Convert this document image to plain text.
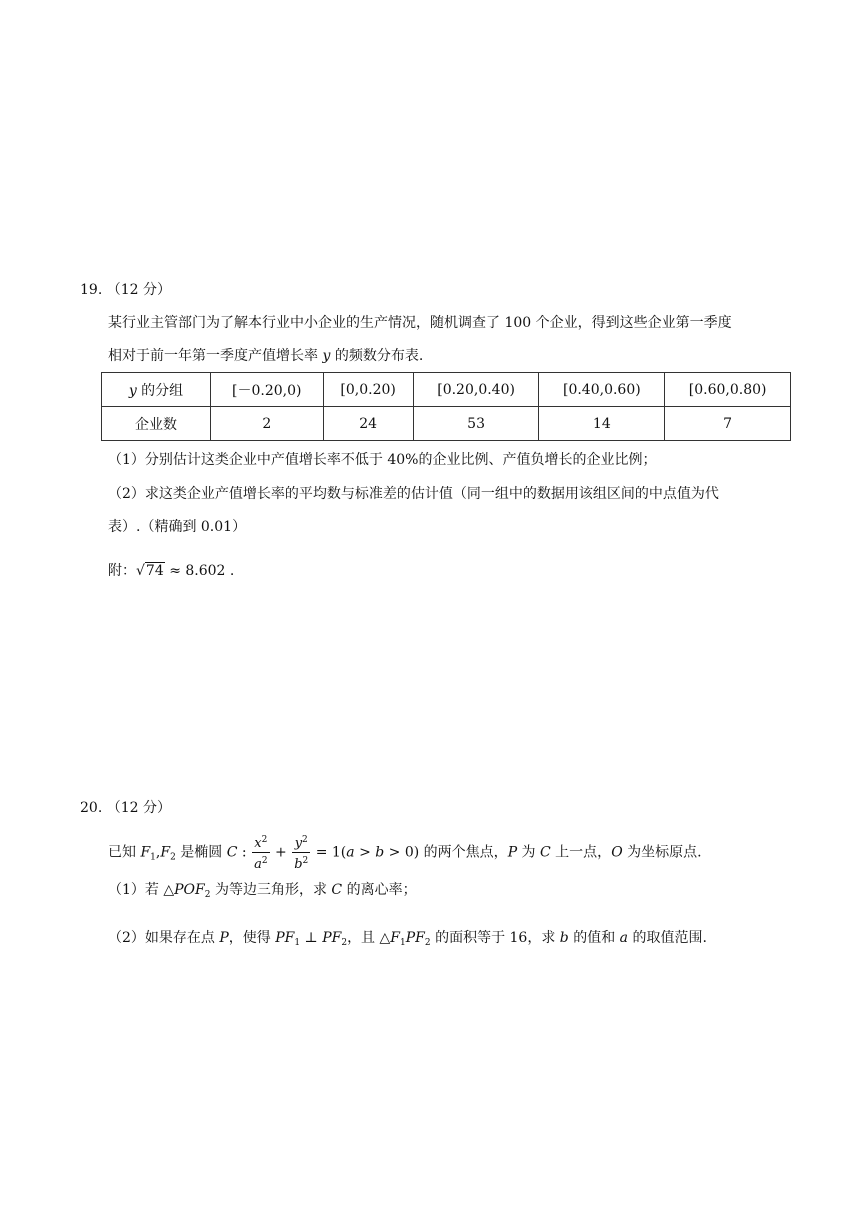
19. （12 分）
某行业主管部门为了解本行业中小企业的生产情况，随机调查了 100 个企业，得到这些企业第一季度
相对于前一年第一季度产值增长率 y 的频数分布表.
y 的分组	[－0.20,0)	[0,0.20)	[0.20,0.40)	[0.40,0.60)	[0.60,0.80)
企业数	2	24	53	14	7
（1）分别估计这类企业中产值增长率不低于 40%的企业比例、产值负增长的企业比例；
（2）求这类企业产值增长率的平均数与标准差的估计值（同一组中的数据用该组区间的中点值为代
表）.（精确到 0.01）
附：√74 ≈ 8.602 .
20. （12 分）
已知 $F_1,F_2$ 是椭圆 C : $\frac{x^2}{a^2} + \frac{y^2}{b^2} = 1(a > b > 0)$ 的两个焦点，P 为 C 上一点，O 为坐标原点.
（1）若 $\triangle POF_2$ 为等边三角形，求 C 的离心率；
（2）如果存在点 P，使得 $PF_1$ ⊥ $PF_2$，且 $\triangle F_1PF_2$ 的面积等于 16，求 b 的值和 a 的取值范围.
